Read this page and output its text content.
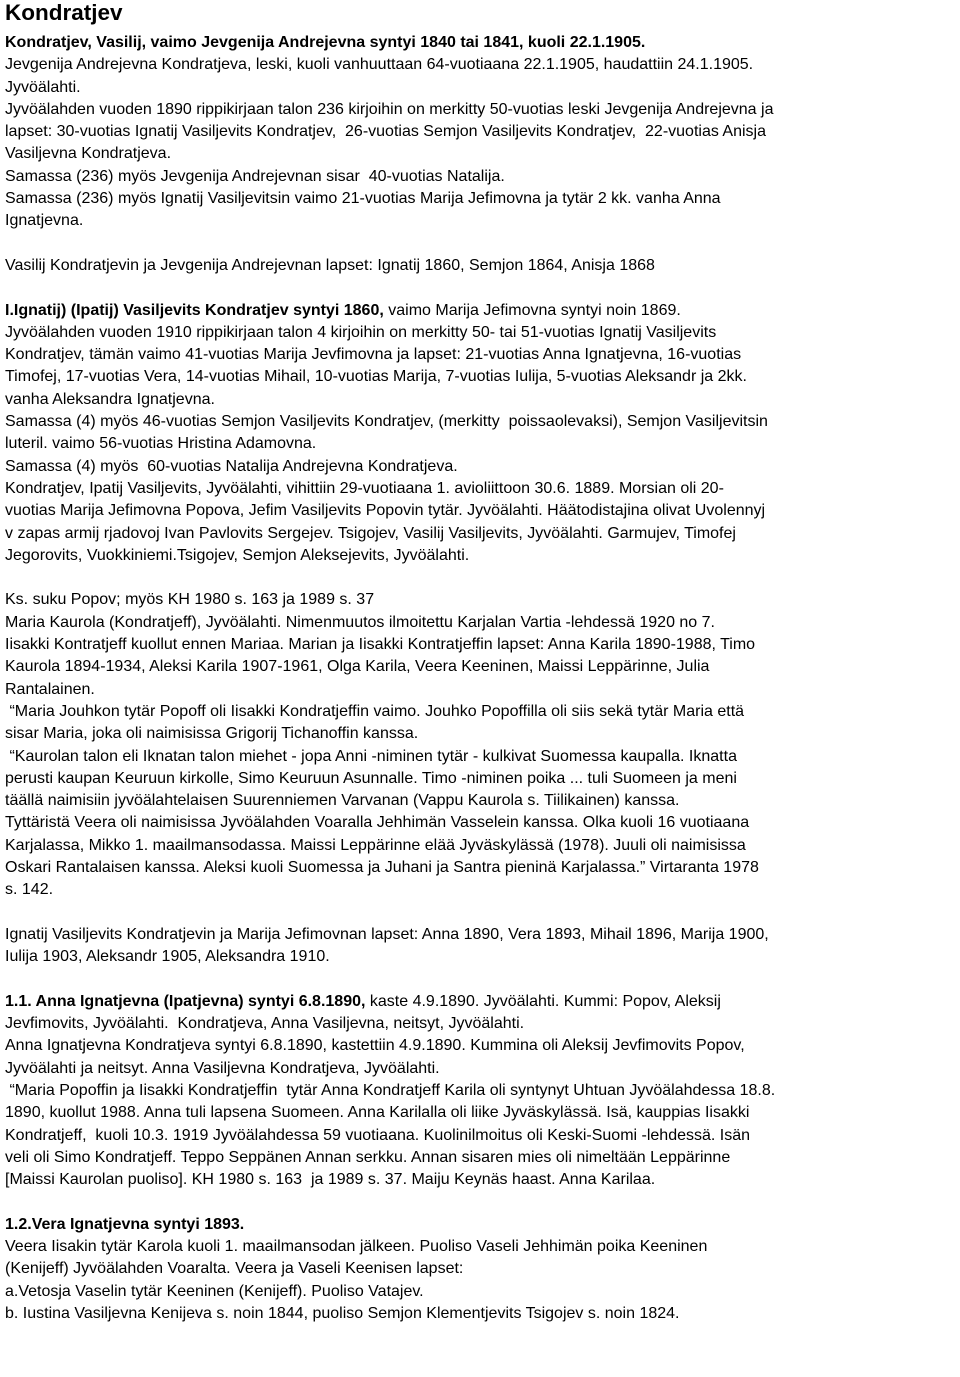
Kondratjev
Kondratjev, Vasilij, vaimo Jevgenija Andrejevna syntyi 1840 tai 1841, kuoli 22.1.1905.
Jevgenija Andrejevna Kondratjeva, leski, kuoli vanhuuttaan 64-vuotiaana 22.1.1905, haudattiin 24.1.1905.
Jyvöälahti.
Jyvöälahden vuoden 1890 rippikirjaan talon 236 kirjoihin on merkitty 50-vuotias leski Jevgenija Andrejevna ja
lapset: 30-vuotias Ignatij Vasiljevits Kondratjev,  26-vuotias Semjon Vasiljevits Kondratjev,  22-vuotias Anisja
Vasiljevna Kondratjeva.
Samassa (236) myös Jevgenija Andrejevnan sisar  40-vuotias Natalija.
Samassa (236) myös Ignatij Vasiljevitsin vaimo 21-vuotias Marija Jefimovna ja tytär 2 kk. vanha Anna
Ignatjevna.
Vasilij Kondratjevin ja Jevgenija Andrejevnan lapset: Ignatij 1860, Semjon 1864, Anisja 1868
I.Ignatij) (Ipatij) Vasiljevits Kondratjev syntyi 1860, vaimo Marija Jefimovna syntyi noin 1869.
Jyvöälahden vuoden 1910 rippikirjaan talon 4 kirjoihin on merkitty 50- tai 51-vuotias Ignatij Vasiljevits
Kondratjev, tämän vaimo 41-vuotias Marija Jevfimovna ja lapset: 21-vuotias Anna Ignatjevna, 16-vuotias
Timofej, 17-vuotias Vera, 14-vuotias Mihail, 10-vuotias Marija, 7-vuotias Iulija, 5-vuotias Aleksandr ja 2kk.
vanha Aleksandra Ignatjevna.
Samassa (4) myös 46-vuotias Semjon Vasiljevits Kondratjev, (merkitty  poissaolevaksi), Semjon Vasiljevitsin
luteril. vaimo 56-vuotias Hristina Adamovna.
Samassa (4) myös  60-vuotias Natalija Andrejevna Kondratjeva.
Kondratjev, Ipatij Vasiljevits, Jyvöälahti, vihittiin 29-vuotiaana 1. avioliittoon 30.6. 1889. Morsian oli 20-
vuotias Marija Jefimovna Popova, Jefim Vasiljevits Popovin tytär. Jyvöälahti. Häätodistajina olivat Uvolennyj
v zapas armij rjadovoj Ivan Pavlovits Sergejev. Tsigojev, Vasilij Vasiljevits, Jyvöälahti. Garmujev, Timofej
Jegorovits, Vuokkiniemi.Tsigojev, Semjon Aleksejevits, Jyvöälahti.
Ks. suku Popov; myös KH 1980 s. 163 ja 1989 s. 37
Maria Kaurola (Kondratjeff), Jyvöälahti. Nimenmuutos ilmoitettu Karjalan Vartia -lehdessä 1920 no 7.
Iisakki Kontratjeff kuollut ennen Mariaa. Marian ja Iisakki Kontratjeffin lapset: Anna Karila 1890-1988, Timo
Kaurola 1894-1934, Aleksi Karila 1907-1961, Olga Karila, Veera Keeninen, Maissi Leppärinne, Julia
Rantalainen.
“Maria Jouhkon tytär Popoff oli Iisakki Kondratjeffin vaimo. Jouhko Popoffilla oli siis sekä tytär Maria että
sisar Maria, joka oli naimisissa Grigorij Tichanoffin kanssa.
“Kaurolan talon eli Iknatan talon miehet - jopa Anni -niminen tytär - kulkivat Suomessa kaupalla. Iknatta
perusti kaupan Keuruun kirkolle, Simo Keuruun Asunnalle. Timo -niminen poika ... tuli Suomeen ja meni
täällä naimisiin jyvöälahtelaisen Suurenniemen Varvanan (Vappu Kaurola s. Tiilikainen) kanssa.
Tyttäristä Veera oli naimisissa Jyvöälahden Voaralla Jehhimän Vasselein kanssa. Olka kuoli 16 vuotiaana
Karjalassa, Mikko 1. maailmansodassa. Maissi Leppärinne elää Jyväskylässä (1978). Juuli oli naimisissa
Oskari Rantalaisen kanssa. Aleksi kuoli Suomessa ja Juhani ja Santra pieninä Karjalassa.” Virtaranta 1978
s. 142.
Ignatij Vasiljevits Kondratjevin ja Marija Jefimovnan lapset: Anna 1890, Vera 1893, Mihail 1896, Marija 1900,
Iulija 1903, Aleksandr 1905, Aleksandra 1910.
1.1. Anna Ignatjevna (Ipatjevna) syntyi 6.8.1890, kaste 4.9.1890. Jyvöälahti. Kummi: Popov, Aleksij
Jevfimovits, Jyvöälahti.  Kondratjeva, Anna Vasiljevna, neitsyt, Jyvöälahti.
Anna Ignatjevna Kondratjeva syntyi 6.8.1890, kastettiin 4.9.1890. Kummina oli Aleksij Jevfimovits Popov,
Jyvöälahti ja neitsyt. Anna Vasiljevna Kondratjeva, Jyvöälahti.
“Maria Popoffin ja Iisakki Kondratjeffin  tytär Anna Kondratjeff Karila oli syntynyt Uhtuan Jyvöälahdessa 18.8.
1890, kuollut 1988. Anna tuli lapsena Suomeen. Anna Karilalla oli liike Jyväskylässä. Isä, kauppias Iisakki
Kondratjeff,  kuoli 10.3. 1919 Jyvöälahdessa 59 vuotiaana. Kuolinilmoitus oli Keski-Suomi -lehdessä. Isän
veli oli Simo Kondratjeff. Teppo Seppänen Annan serkku. Annan sisaren mies oli nimeltään Leppärinne
[Maissi Kaurolan puoliso]. KH 1980 s. 163  ja 1989 s. 37. Maiju Keynäs haast. Anna Karilaa.
1.2.Vera Ignatjevna syntyi 1893.
Veera Iisakin tytär Karola kuoli 1. maailmansodan jälkeen. Puoliso Vaseli Jehhimän poika Keeninen
(Kenijeff) Jyvöälahden Voaralta. Veera ja Vaseli Keenisen lapset:
a.Vetosja Vaselin tytär Keeninen (Kenijeff). Puoliso Vatajev.
b. Iustina Vasiljevna Kenijeva s. noin 1844, puoliso Semjon Klementjevits Tsigojev s. noin 1824.
